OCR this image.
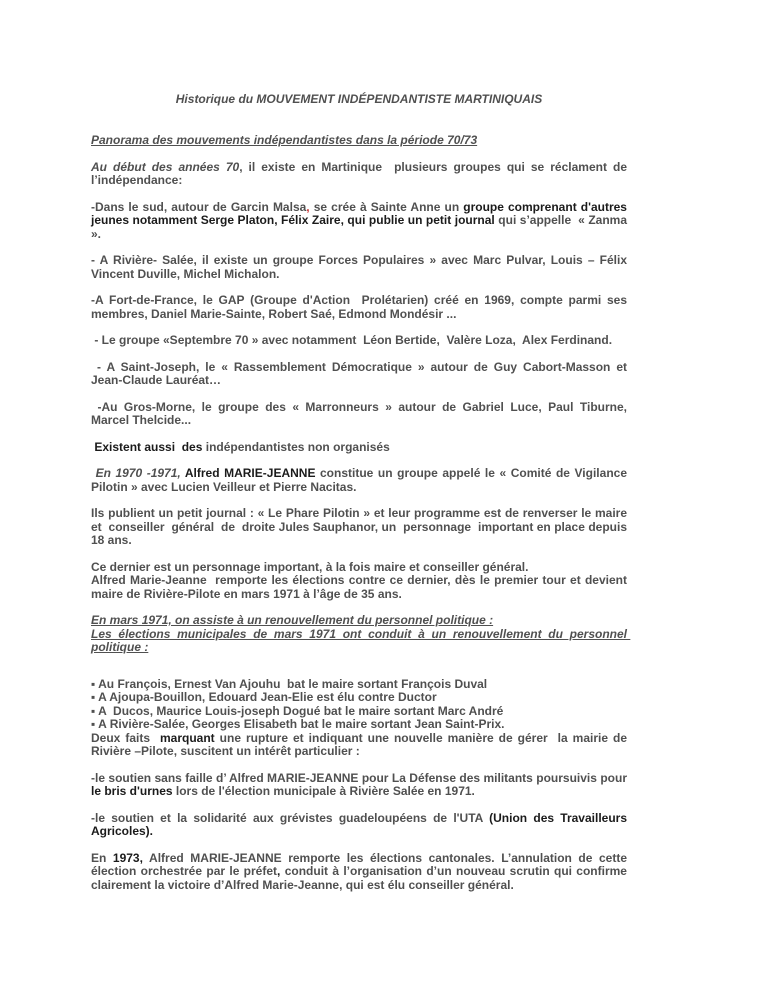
Historique du MOUVEMENT INDÉPENDANTISTE MARTINIQUAIS

Panorama des mouvements indépendantistes dans la période 70/73

Au début des années 70, il existe en Martinique  plusieurs groupes qui se réclament de l’indépendance:

-Dans le sud, autour de Garcin Malsa, se crée à Sainte Anne un groupe comprenant d'autres jeunes notamment Serge Platon, Félix Zaire, qui publie un petit journal qui s’appelle  « Zanma ».

- A Rivière- Salée, il existe un groupe Forces Populaires » avec Marc Pulvar, Louis – Félix Vincent Duville, Michel Michalon.

-A Fort-de-France, le GAP (Groupe d'Action  Prolétarien) créé en 1969, compte parmi ses  membres, Daniel Marie-Sainte, Robert Saé, Edmond Mondésir ...

- Le groupe «Septembre 70 » avec notamment  Léon Bertide,  Valère Loza,  Alex Ferdinand.

- A Saint-Joseph, le « Rassemblement Démocratique » autour de Guy Cabort-Masson et Jean-Claude Lauréat…

-Au Gros-Morne, le groupe des « Marronneurs » autour de Gabriel Luce, Paul Tiburne,  Marcel Thelcide...

Existent aussi  des indépendantistes non organisés

En 1970 -1971, Alfred MARIE-JEANNE constitue un groupe appelé le « Comité de Vigilance Pilotin » avec Lucien Veilleur et Pierre Nacitas.

Ils publient un petit journal : « Le Phare Pilotin » et leur programme est de renverser le maire et  conseiller  général  de  droite Jules Sauphanor, un  personnage  important en place depuis 18 ans.

Ce dernier est un personnage important, à la fois maire et conseiller général.
Alfred Marie-Jeanne  remporte les élections contre ce dernier, dès le premier tour et devient maire de Rivière-Pilote en mars 1971 à l’âge de 35 ans.

En mars 1971, on assiste à un renouvellement du personnel politique :
Les élections municipales de mars 1971 ont conduit à un renouvellement du personnel politique :

▪ Au François, Ernest Van Ajouhu  bat le maire sortant François Duval
▪ A Ajoupa-Bouillon, Edouard Jean-Elie est élu contre Ductor
▪ A  Ducos, Maurice Louis-joseph Dogué bat le maire sortant Marc André
▪ A Rivière-Salée, Georges Elisabeth bat le maire sortant Jean Saint-Prix.
Deux faits  marquant une rupture et indiquant une nouvelle manière de gérer  la mairie de Rivière –Pilote, suscitent un intérêt particulier :

-le soutien sans faille d’ Alfred MARIE-JEANNE pour La Défense des militants poursuivis pour le bris d'urnes lors de l'élection municipale à Rivière Salée en 1971.

-le soutien et la solidarité aux grévistes guadeloupéens de l'UTA (Union des Travailleurs Agricoles).

En 1973, Alfred MARIE-JEANNE remporte les élections cantonales. L’annulation de cette élection orchestrée par le préfet, conduit à l’organisation d’un nouveau scrutin qui confirme clairement la victoire d’Alfred Marie-Jeanne, qui est élu conseiller général.
